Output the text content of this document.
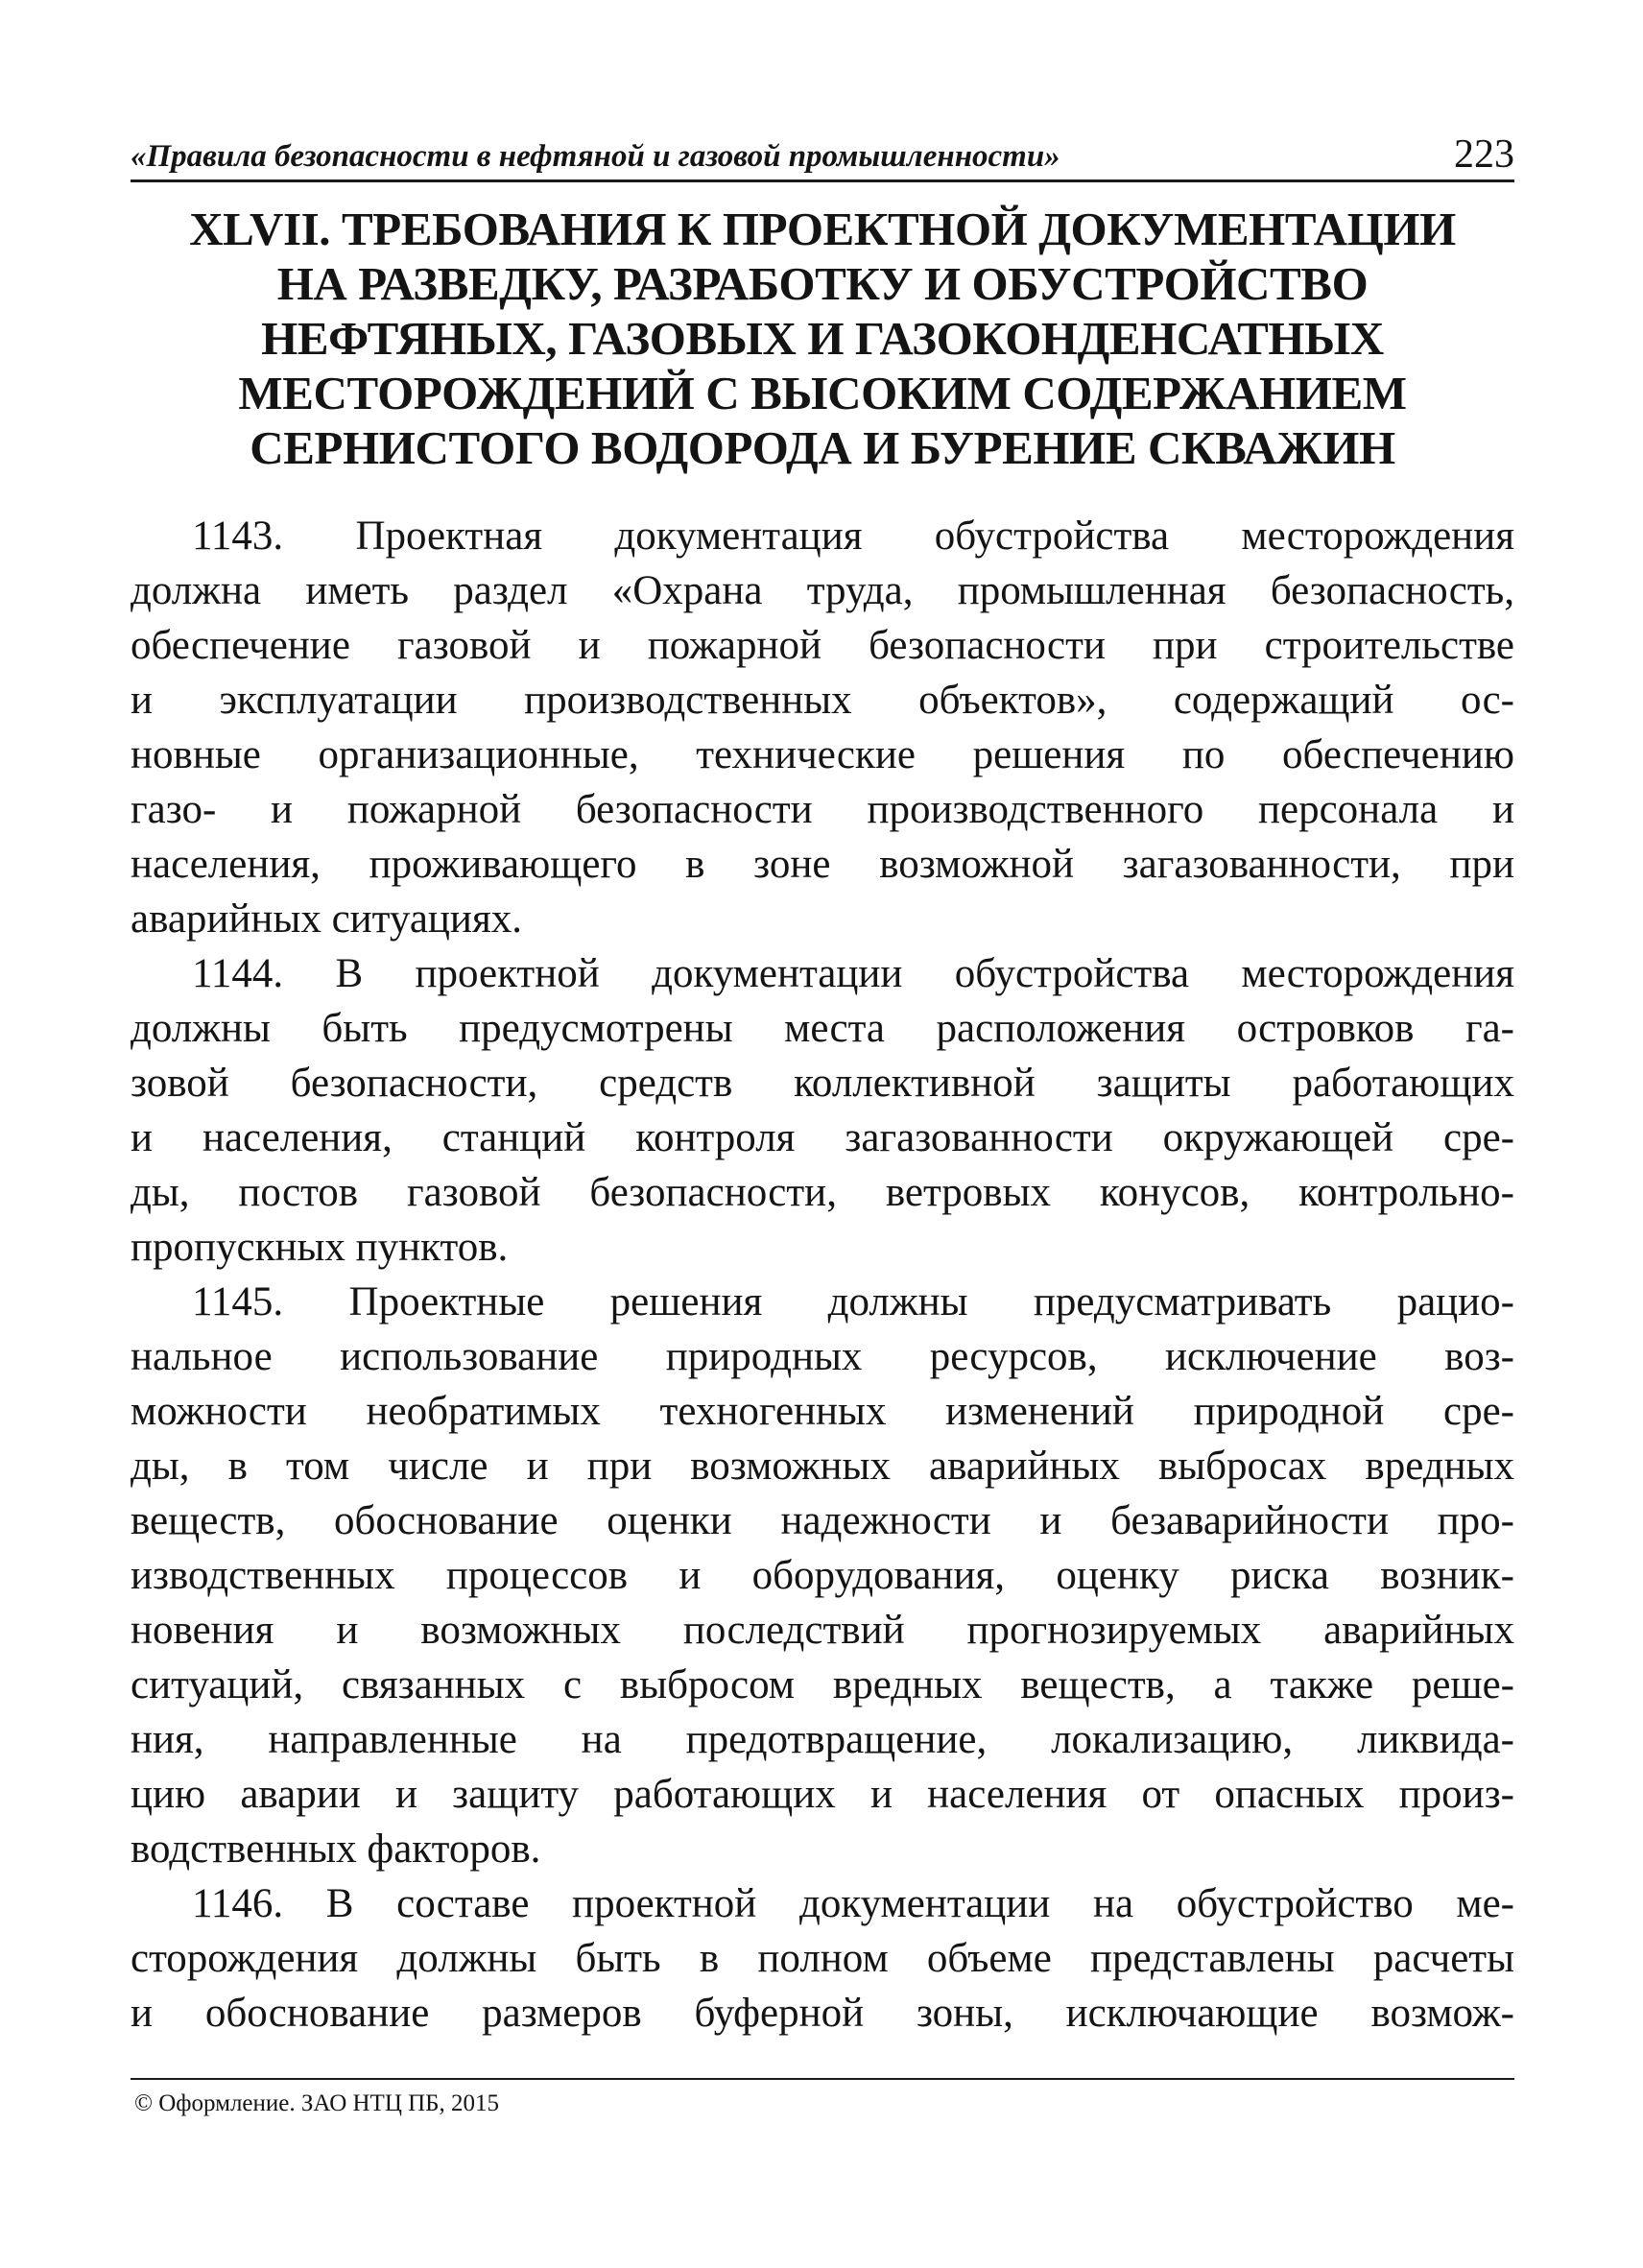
«Правила безопасности в нефтяной и газовой промышленности»	223
XLVII. ТРЕБОВАНИЯ К ПРОЕКТНОЙ ДОКУМЕНТАЦИИ
НА РАЗВЕДКУ, РАЗРАБОТКУ И ОБУСТРОЙСТВО
НЕФТЯНЫХ, ГАЗОВЫХ И ГАЗОКОНДЕНСАТНЫХ
МЕСТОРОЖДЕНИЙ С ВЫСОКИМ СОДЕРЖАНИЕМ
СЕРНИСТОГО ВОДОРОДА И БУРЕНИЕ СКВАЖИН
1143. Проектная документация обустройства месторождения
должна иметь раздел «Охрана труда, промышленная безопасность,
обеспечение газовой и пожарной безопасности при строительстве
и эксплуатации производственных объектов», содержащий ос-
новные организационные, технические решения по обеспечению
газо- и пожарной безопасности производственного персонала и
населения, проживающего в зоне возможной загазованности, при
аварийных ситуациях.
1144. В проектной документации обустройства месторождения
должны быть предусмотрены места расположения островков га-
зовой безопасности, средств коллективной защиты работающих
и населения, станций контроля загазованности окружающей сре-
ды, постов газовой безопасности, ветровых конусов, контрольно-
пропускных пунктов.
1145. Проектные решения должны предусматривать рацио-
нальное использование природных ресурсов, исключение воз-
можности необратимых техногенных изменений природной сре-
ды, в том числе и при возможных аварийных выбросах вредных
веществ, обоснование оценки надежности и безаварийности про-
изводственных процессов и оборудования, оценку риска возник-
новения и возможных последствий прогнозируемых аварийных
ситуаций, связанных с выбросом вредных веществ, а также реше-
ния, направленные на предотвращение, локализацию, ликвида-
цию аварии и защиту работающих и населения от опасных произ-
водственных факторов.
1146. В составе проектной документации на обустройство ме-
сторождения должны быть в полном объеме представлены расчеты
и обоснование размеров буферной зоны, исключающие возмож-
© Оформление. ЗАО НТЦ ПБ, 2015
